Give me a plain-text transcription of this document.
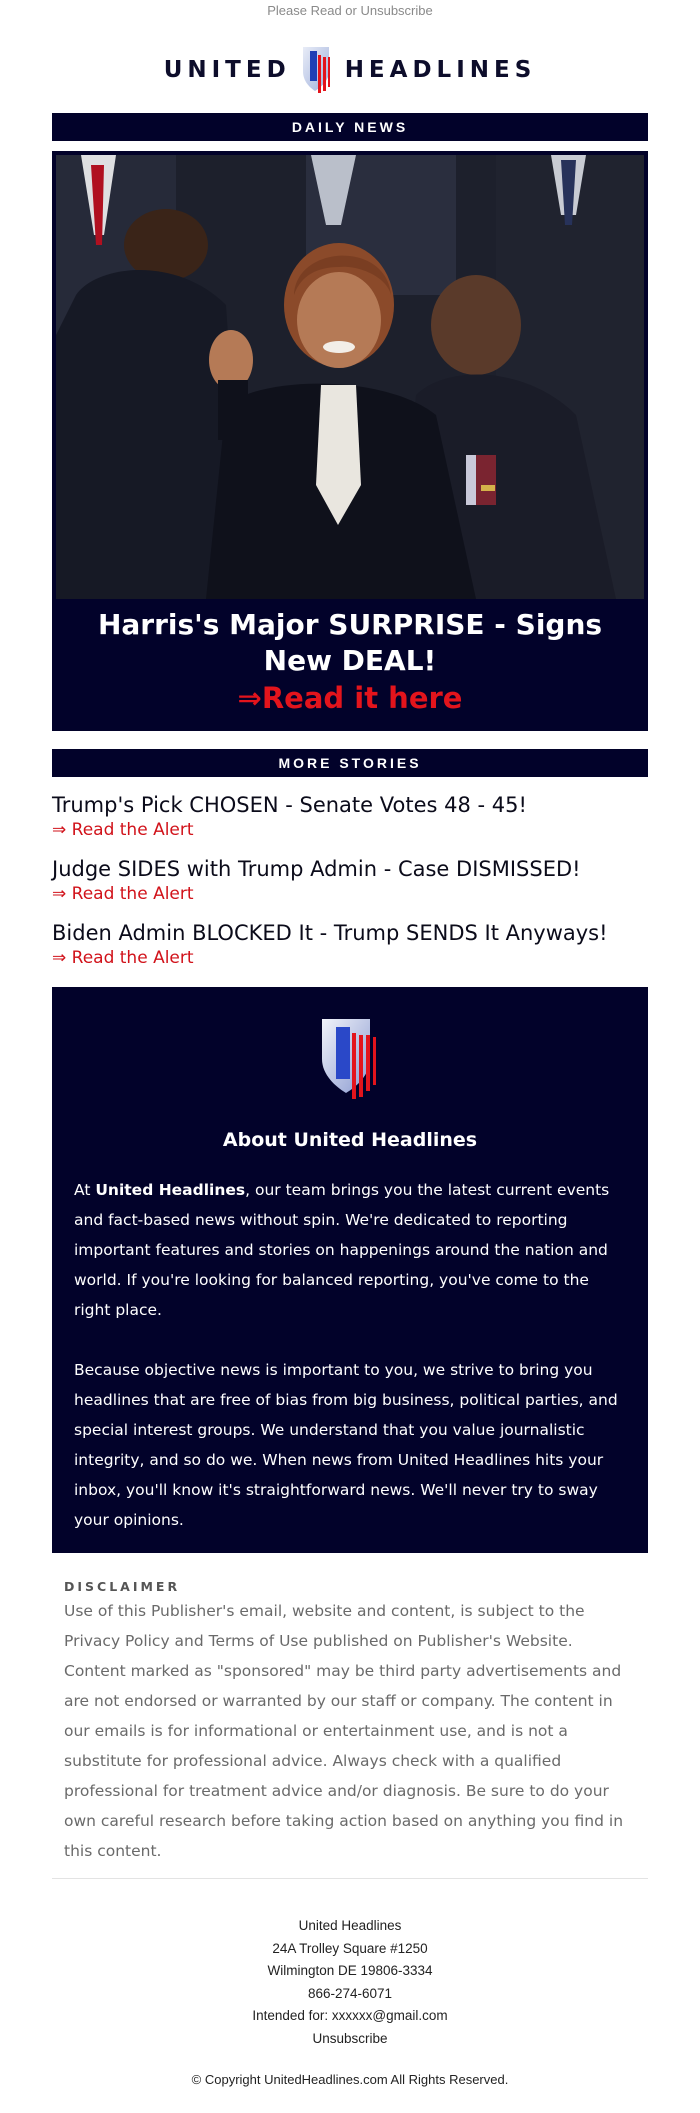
Please Read or Unsubscribe
UNITED HEADLINES
DAILY NEWS
Harris's Major SURPRISE - Signs New DEAL!
⇒Read it here
MORE STORIES
Trump's Pick CHOSEN - Senate Votes 48 - 45!
⇒ Read the Alert
Judge SIDES with Trump Admin - Case DISMISSED!
⇒ Read the Alert
Biden Admin BLOCKED It - Trump SENDS It Anyways!
⇒ Read the Alert
About United Headlines

At United Headlines, our team brings you the latest current events and fact-based news without spin. We're dedicated to reporting important features and stories on happenings around the nation and world. If you're looking for balanced reporting, you've come to the right place.

Because objective news is important to you, we strive to bring you headlines that are free of bias from big business, political parties, and special interest groups. We understand that you value journalistic integrity, and so do we. When news from United Headlines hits your inbox, you'll know it's straightforward news. We'll never try to sway your opinions.

DISCLAIMER
Use of this Publisher's email, website and content, is subject to the Privacy Policy and Terms of Use published on Publisher's Website. Content marked as "sponsored" may be third party advertisements and are not endorsed or warranted by our staff or company. The content in our emails is for informational or entertainment use, and is not a substitute for professional advice. Always check with a qualified professional for treatment advice and/or diagnosis. Be sure to do your own careful research before taking action based on anything you find in this content.
United Headlines
24A Trolley Square #1250
Wilmington DE 19806-3334
866-274-6071
Intended for: xxxxxx@gmail.com
Unsubscribe
© Copyright UnitedHeadlines.com All Rights Reserved.
